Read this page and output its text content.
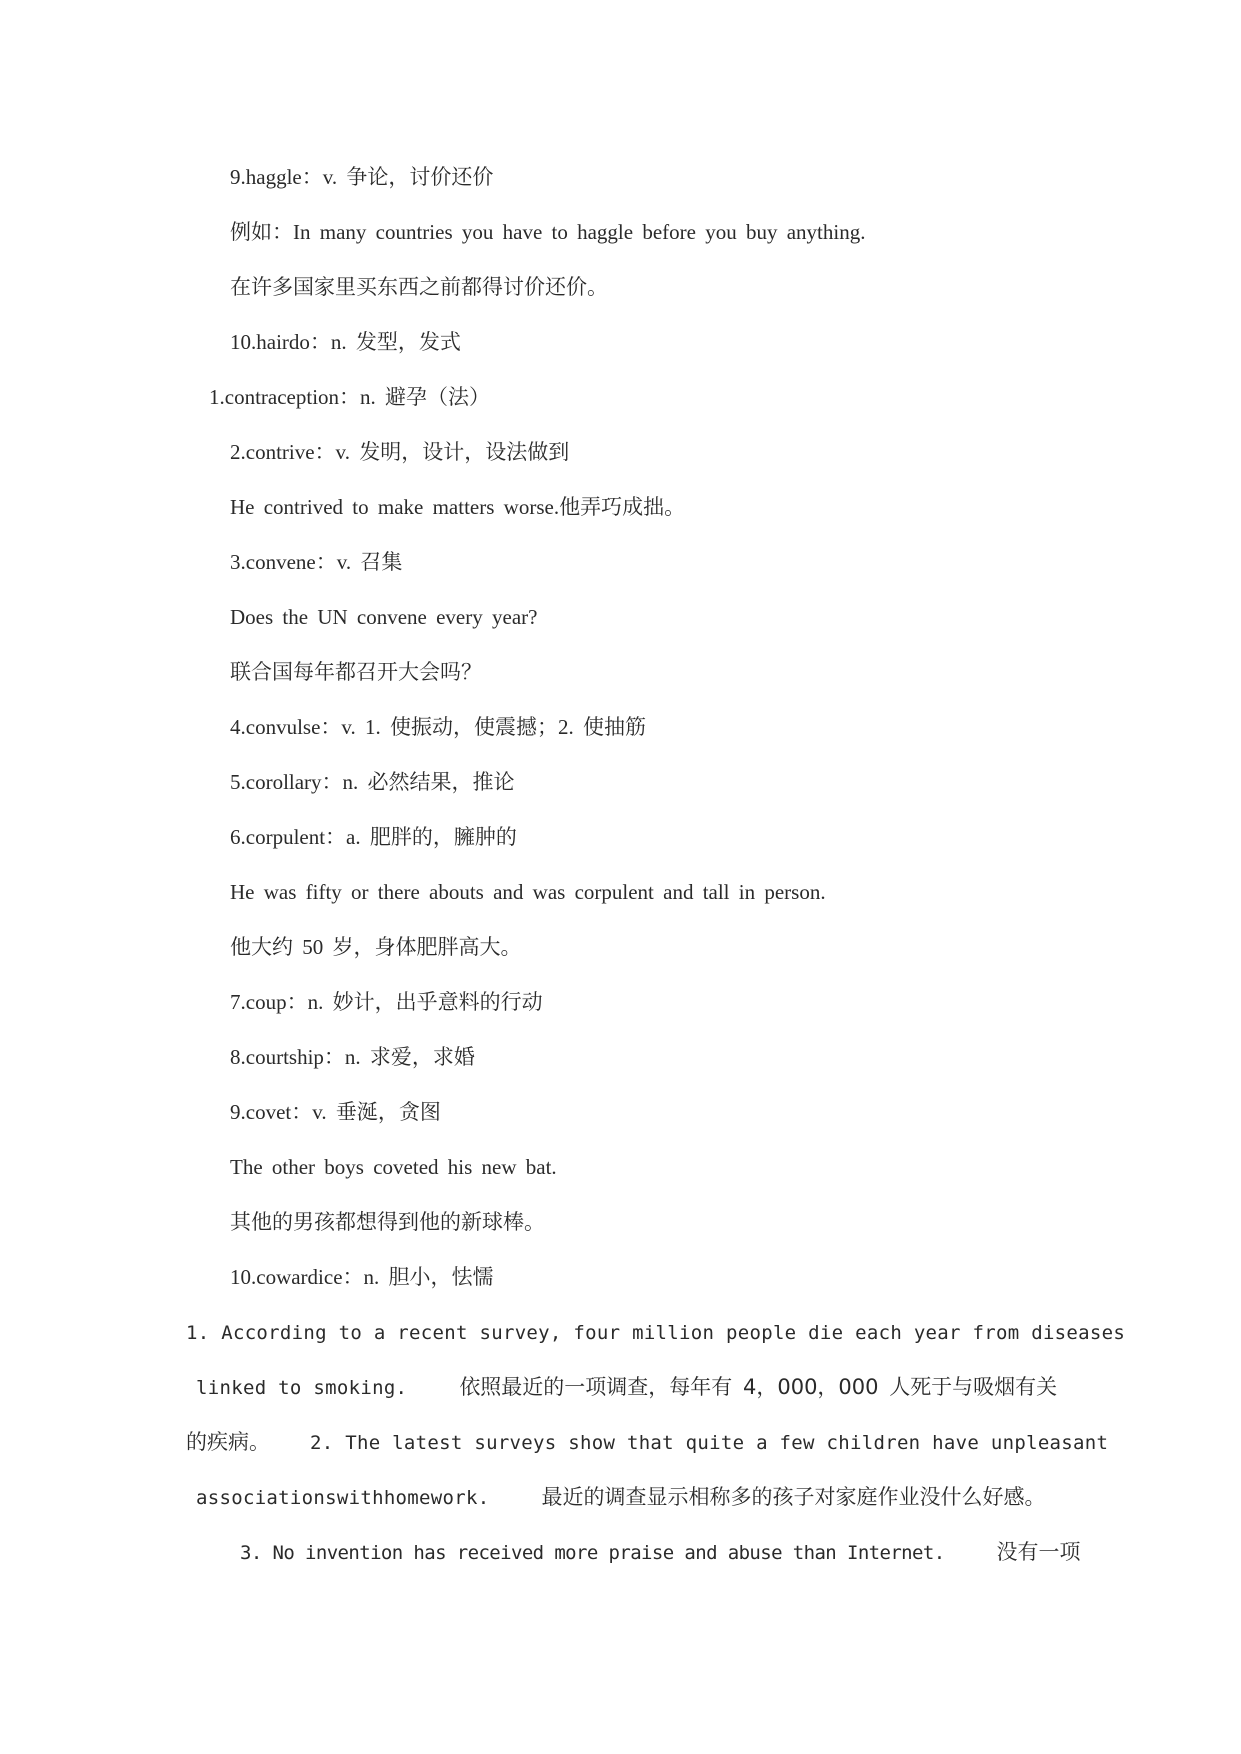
9.haggle：v. 争论，讨价还价
例如：In many countries you have to haggle before you buy anything.
在许多国家里买东西之前都得讨价还价。
10.hairdo：n. 发型，发式
1.contraception：n. 避孕（法）
2.contrive：v. 发明，设计，设法做到
He contrived to make matters worse.他弄巧成拙。
3.convene：v. 召集
Does the UN convene every year?
联合国每年都召开大会吗？
4.convulse：v. 1. 使振动，使震撼；2. 使抽筋
5.corollary：n. 必然结果，推论
6.corpulent：a. 肥胖的，臃肿的
He was fifty or there abouts and was corpulent and tall in person.
他大约 50 岁，身体肥胖高大。
7.coup：n. 妙计，出乎意料的行动
8.courtship：n. 求爱，求婚
9.covet：v. 垂涎，贪图
The other boys coveted his new bat.
其他的男孩都想得到他的新球棒。
10.cowardice：n. 胆小，怯懦
1. According to a recent survey, four million people die each year from diseases
linked to smoking. 依照最近的一项调查，每年有 4，000，000 人死于与吸烟有关
的疾病。 2. The latest surveys show that quite a few children have unpleasant
associationswithhomework. 最近的调查显示相称多的孩子对家庭作业没什么好感。
3. No invention has received more praise and abuse than Internet. 没有一项
